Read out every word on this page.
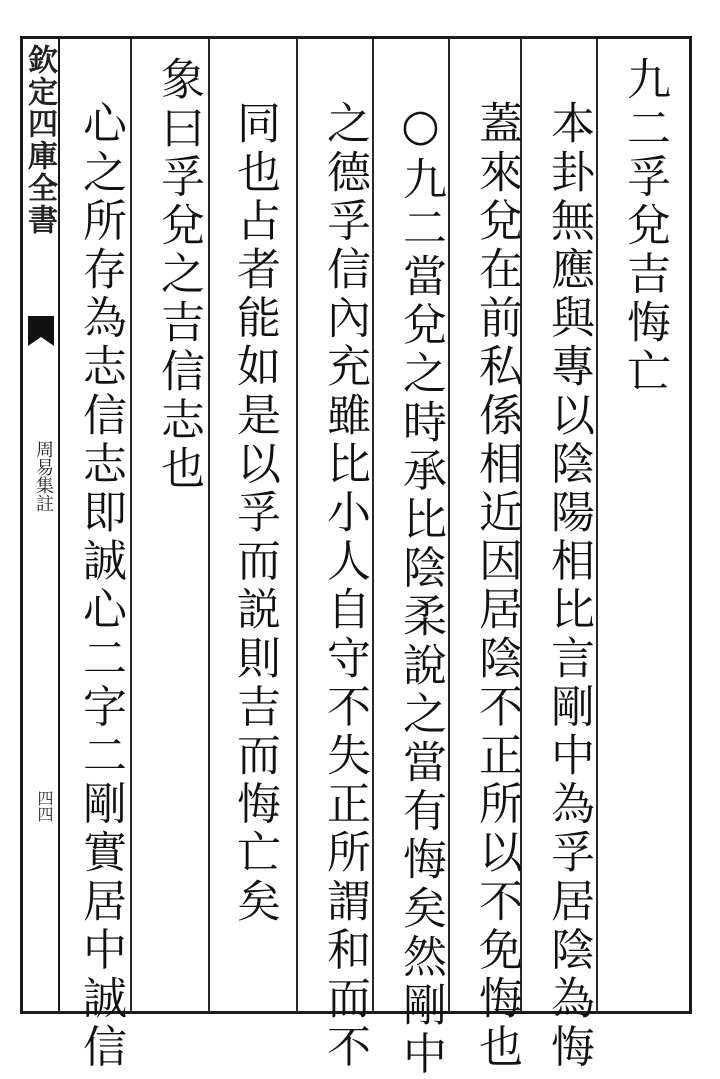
欽定四庫全書
周易集註
四四
九二孚兌吉悔亡
本卦無應與專以陰陽相比言剛中為孚居陰為悔
蓋來兌在前私係相近因居陰不正所以不免悔也
○九二當兌之時承比陰柔說之當有悔矣然剛中
之德孚信內充雖比小人自守不失正所謂和而不
同也占者能如是以孚而説則吉而悔亡矣
象曰孚兌之吉信志也
心之所存為志信志即誠心二字二剛實居中誠信
